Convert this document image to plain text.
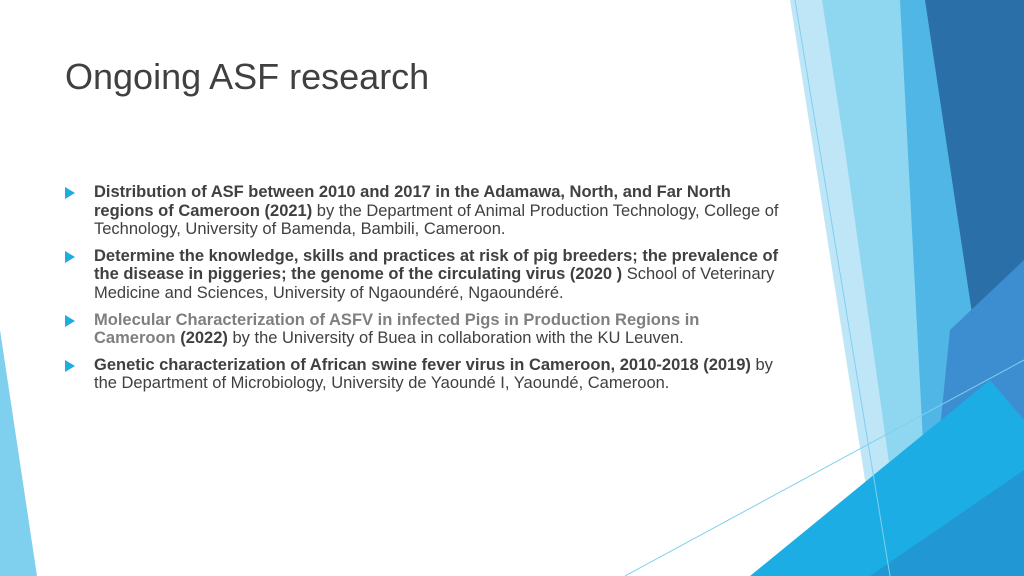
Ongoing ASF research
Distribution of ASF between 2010 and 2017 in the Adamawa, North, and Far North regions of Cameroon (2021) by the Department of Animal Production Technology, College of Technology, University of Bamenda, Bambili, Cameroon.
Determine the knowledge, skills and practices at risk of pig breeders; the prevalence of the disease in piggeries; the genome of the circulating virus (2020 ) School of Veterinary Medicine and Sciences, University of Ngaoundéré, Ngaoundéré.
Molecular Characterization of ASFV in infected Pigs in Production Regions in Cameroon (2022) by the University of Buea in collaboration with the KU Leuven.
Genetic characterization of African swine fever virus in Cameroon, 2010-2018 (2019) by the Department of Microbiology, University de Yaoundé I, Yaoundé, Cameroon.
